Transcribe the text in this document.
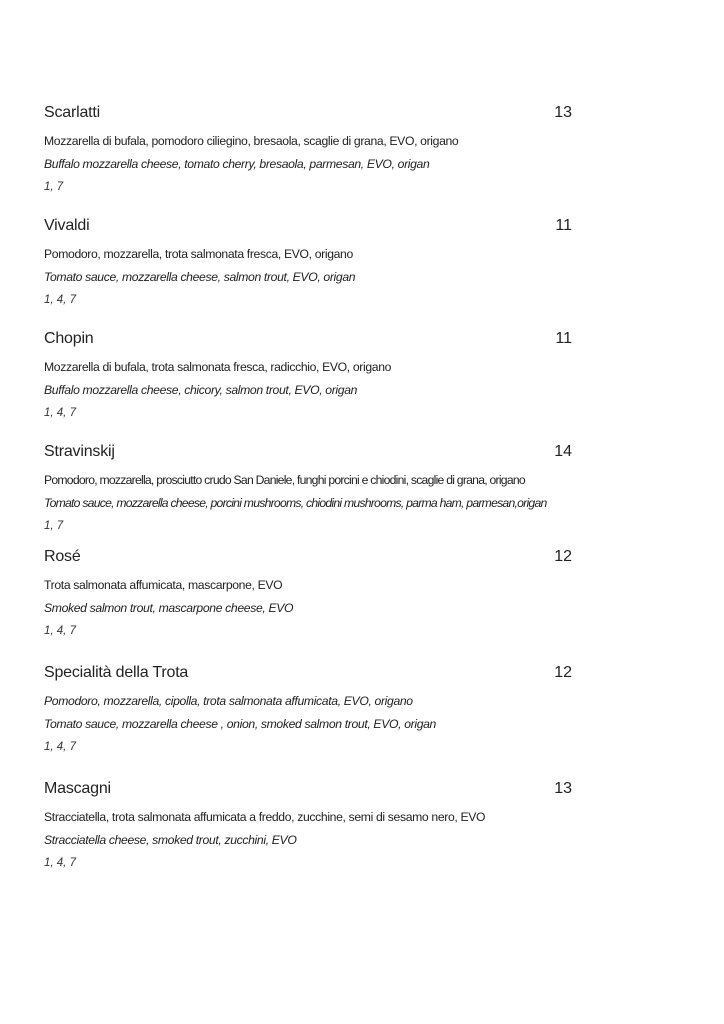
Scarlatti	13
Mozzarella di bufala, pomodoro ciliegino, bresaola, scaglie di grana, EVO, origano
Buffalo mozzarella cheese, tomato cherry, bresaola, parmesan, EVO, origan
1, 7
Vivaldi	11
Pomodoro, mozzarella, trota salmonata fresca, EVO, origano
Tomato sauce, mozzarella cheese, salmon trout, EVO, origan
1, 4, 7
Chopin	11
Mozzarella di bufala, trota salmonata fresca, radicchio, EVO, origano
Buffalo mozzarella cheese, chicory, salmon trout, EVO, origan
1, 4, 7
Stravinskij	14
Pomodoro, mozzarella, prosciutto crudo San Daniele, funghi porcini e chiodini, scaglie di grana, origano
Tomato sauce, mozzarella cheese, porcini mushrooms, chiodini mushrooms, parma ham, parmesan,origan
1, 7
Rosé	12
Trota salmonata affumicata, mascarpone, EVO
Smoked salmon trout, mascarpone cheese, EVO
1, 4, 7
Specialità della Trota	12
Pomodoro, mozzarella, cipolla, trota salmonata affumicata, EVO, origano
Tomato sauce, mozzarella cheese , onion, smoked salmon trout, EVO, origan
1, 4, 7
Mascagni	13
Stracciatella, trota salmonata affumicata a freddo, zucchine, semi di sesamo nero, EVO
Stracciatella cheese, smoked trout, zucchini, EVO
1, 4, 7
